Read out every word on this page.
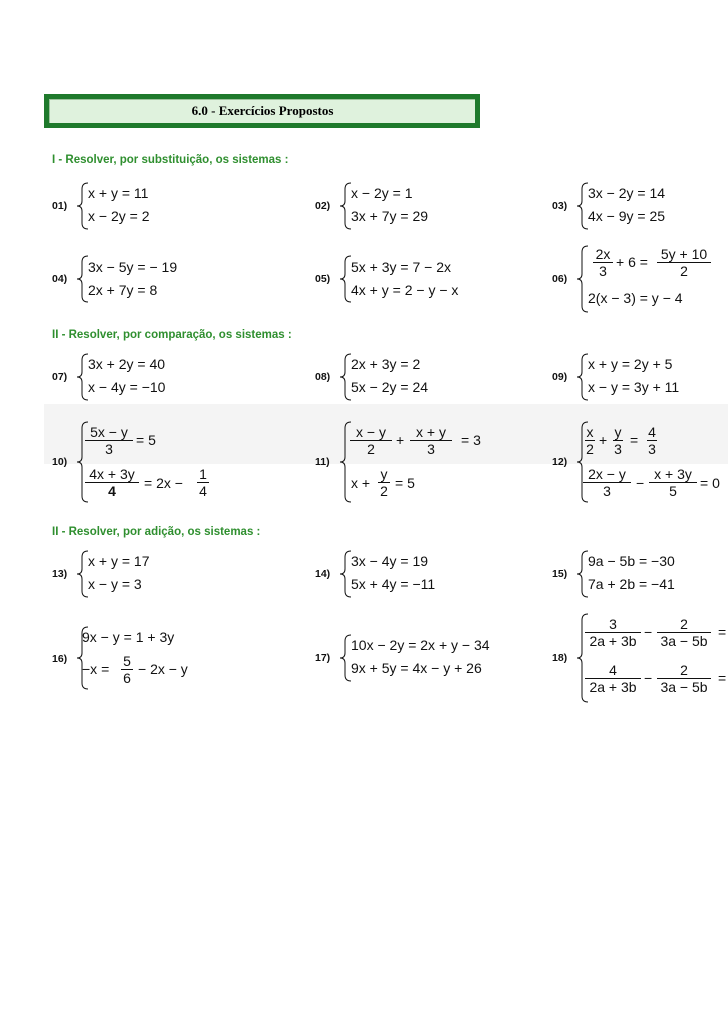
6.0 - Exercícios Propostos
I - Resolver, por substituição, os sistemas :
II - Resolver, por comparação, os sistemas :
II - Resolver, por adição, os sistemas :
01)
x + y = 11
x − 2y = 2
02)
x − 2y = 1
3x + 7y = 29
03)
3x − 2y = 14
4x − 9y = 25
04)
3x − 5y = − 19
2x + 7y = 8
05)
5x + 3y = 7 − 2x
4x + y = 2 − y − x
06)
2x
3
+ 6 = 5y + 10
2
2(x − 3) = y − 4
07)
3x + 2y = 40
x − 4y = −10
08)
2x + 3y = 2
5x − 2y = 24
09)
x + y = 2y + 5
x − y = 3y + 11
10)
5x − y
3
= 5
4x + 3y
4	= 2x −
1
4
11)
x − y
2
+ x + y
3
= 3
x +
y
2 = 5
12)
x
2
+ y
3
= 4
3
2x − y
3	−
x + 3y
5	= 0
13)
x + y = 17
x − y = 3
14)
3x − 4y = 19
5x + 4y = −11
15)
9a − 5b = −30
7a + 2b = −41
16)
9x − y = 1 + 3y
−x = 5
6
− 2x − y
17)
10x − 2y = 2x + y − 34
9x + 5y = 4x − y + 26
18)
3
2a + 3b
−	2
3a − 5b
=
4
2a + 3b
−	2
3a − 5b
=
